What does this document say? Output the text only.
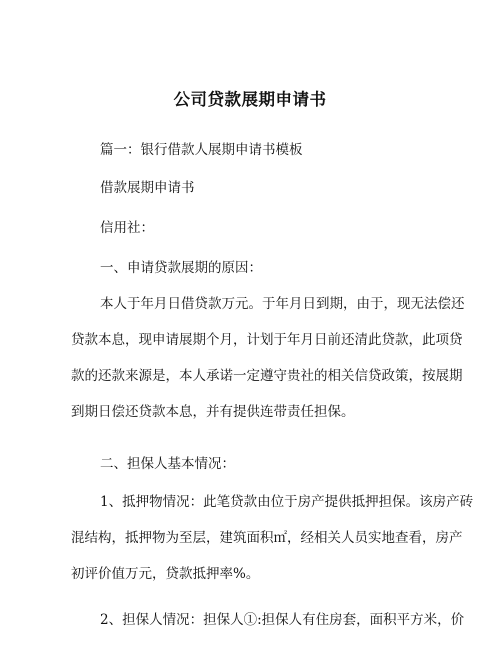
公司贷款展期申请书
篇一：银行借款人展期申请书模板
借款展期申请书
信用社：
一、申请贷款展期的原因：
本人于年月日借贷款万元。于年月日到期，由于，现无法偿还
贷款本息，现申请展期个月，计划于年月日前还清此贷款，此项贷
款的还款来源是，本人承诺一定遵守贵社的相关信贷政策，按展期
到期日偿还贷款本息，并有提供连带责任担保。
二、担保人基本情况：
1、抵押物情况：此笔贷款由位于房产提供抵押担保。该房产砖
混结构，抵押物为至层，建筑面积㎡，经相关人员实地查看，房产
初评价值万元，贷款抵押率%。
2、担保人情况：担保人①:担保人有住房套，面积平方米，价
